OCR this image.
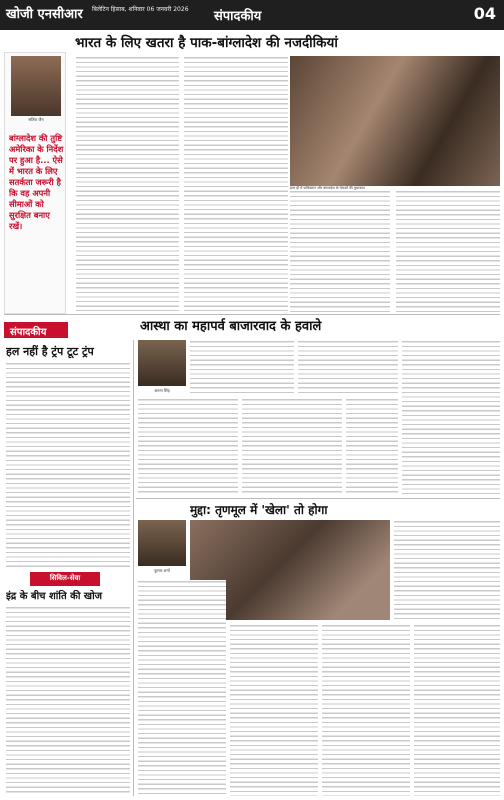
खोजी एनसीआर बिलेटिन हिसाब, शनिवार 06 जनवरी 2026 संपादकीय	04
भारत के लिए खतरा है पाक-बांग्लादेश की नजदीकियां
सतिश जैन
बांग्लादेश की तुष्टि अमेरिका के निर्देश पर हुआ है... ऐसे में भारत के लिए सतर्कता जरूरी है कि वह अपनी सीमाओं को सुरक्षित बनाए रखें।
संपादकीय	आस्था का महापर्व बाजारवाद के हवाले
हल नहीं है ट्रंप टूट ट्रंप
सिविल-सेवा
इंद्र के बीच शांति की खोज
अरुण सिंह
मुद्दा: तृणमूल में 'खेला' तो होगा
कुमार शर्मा
हाल ही में पाकिस्तान और बांग्लादेश के नेताओं की मुलाकात
